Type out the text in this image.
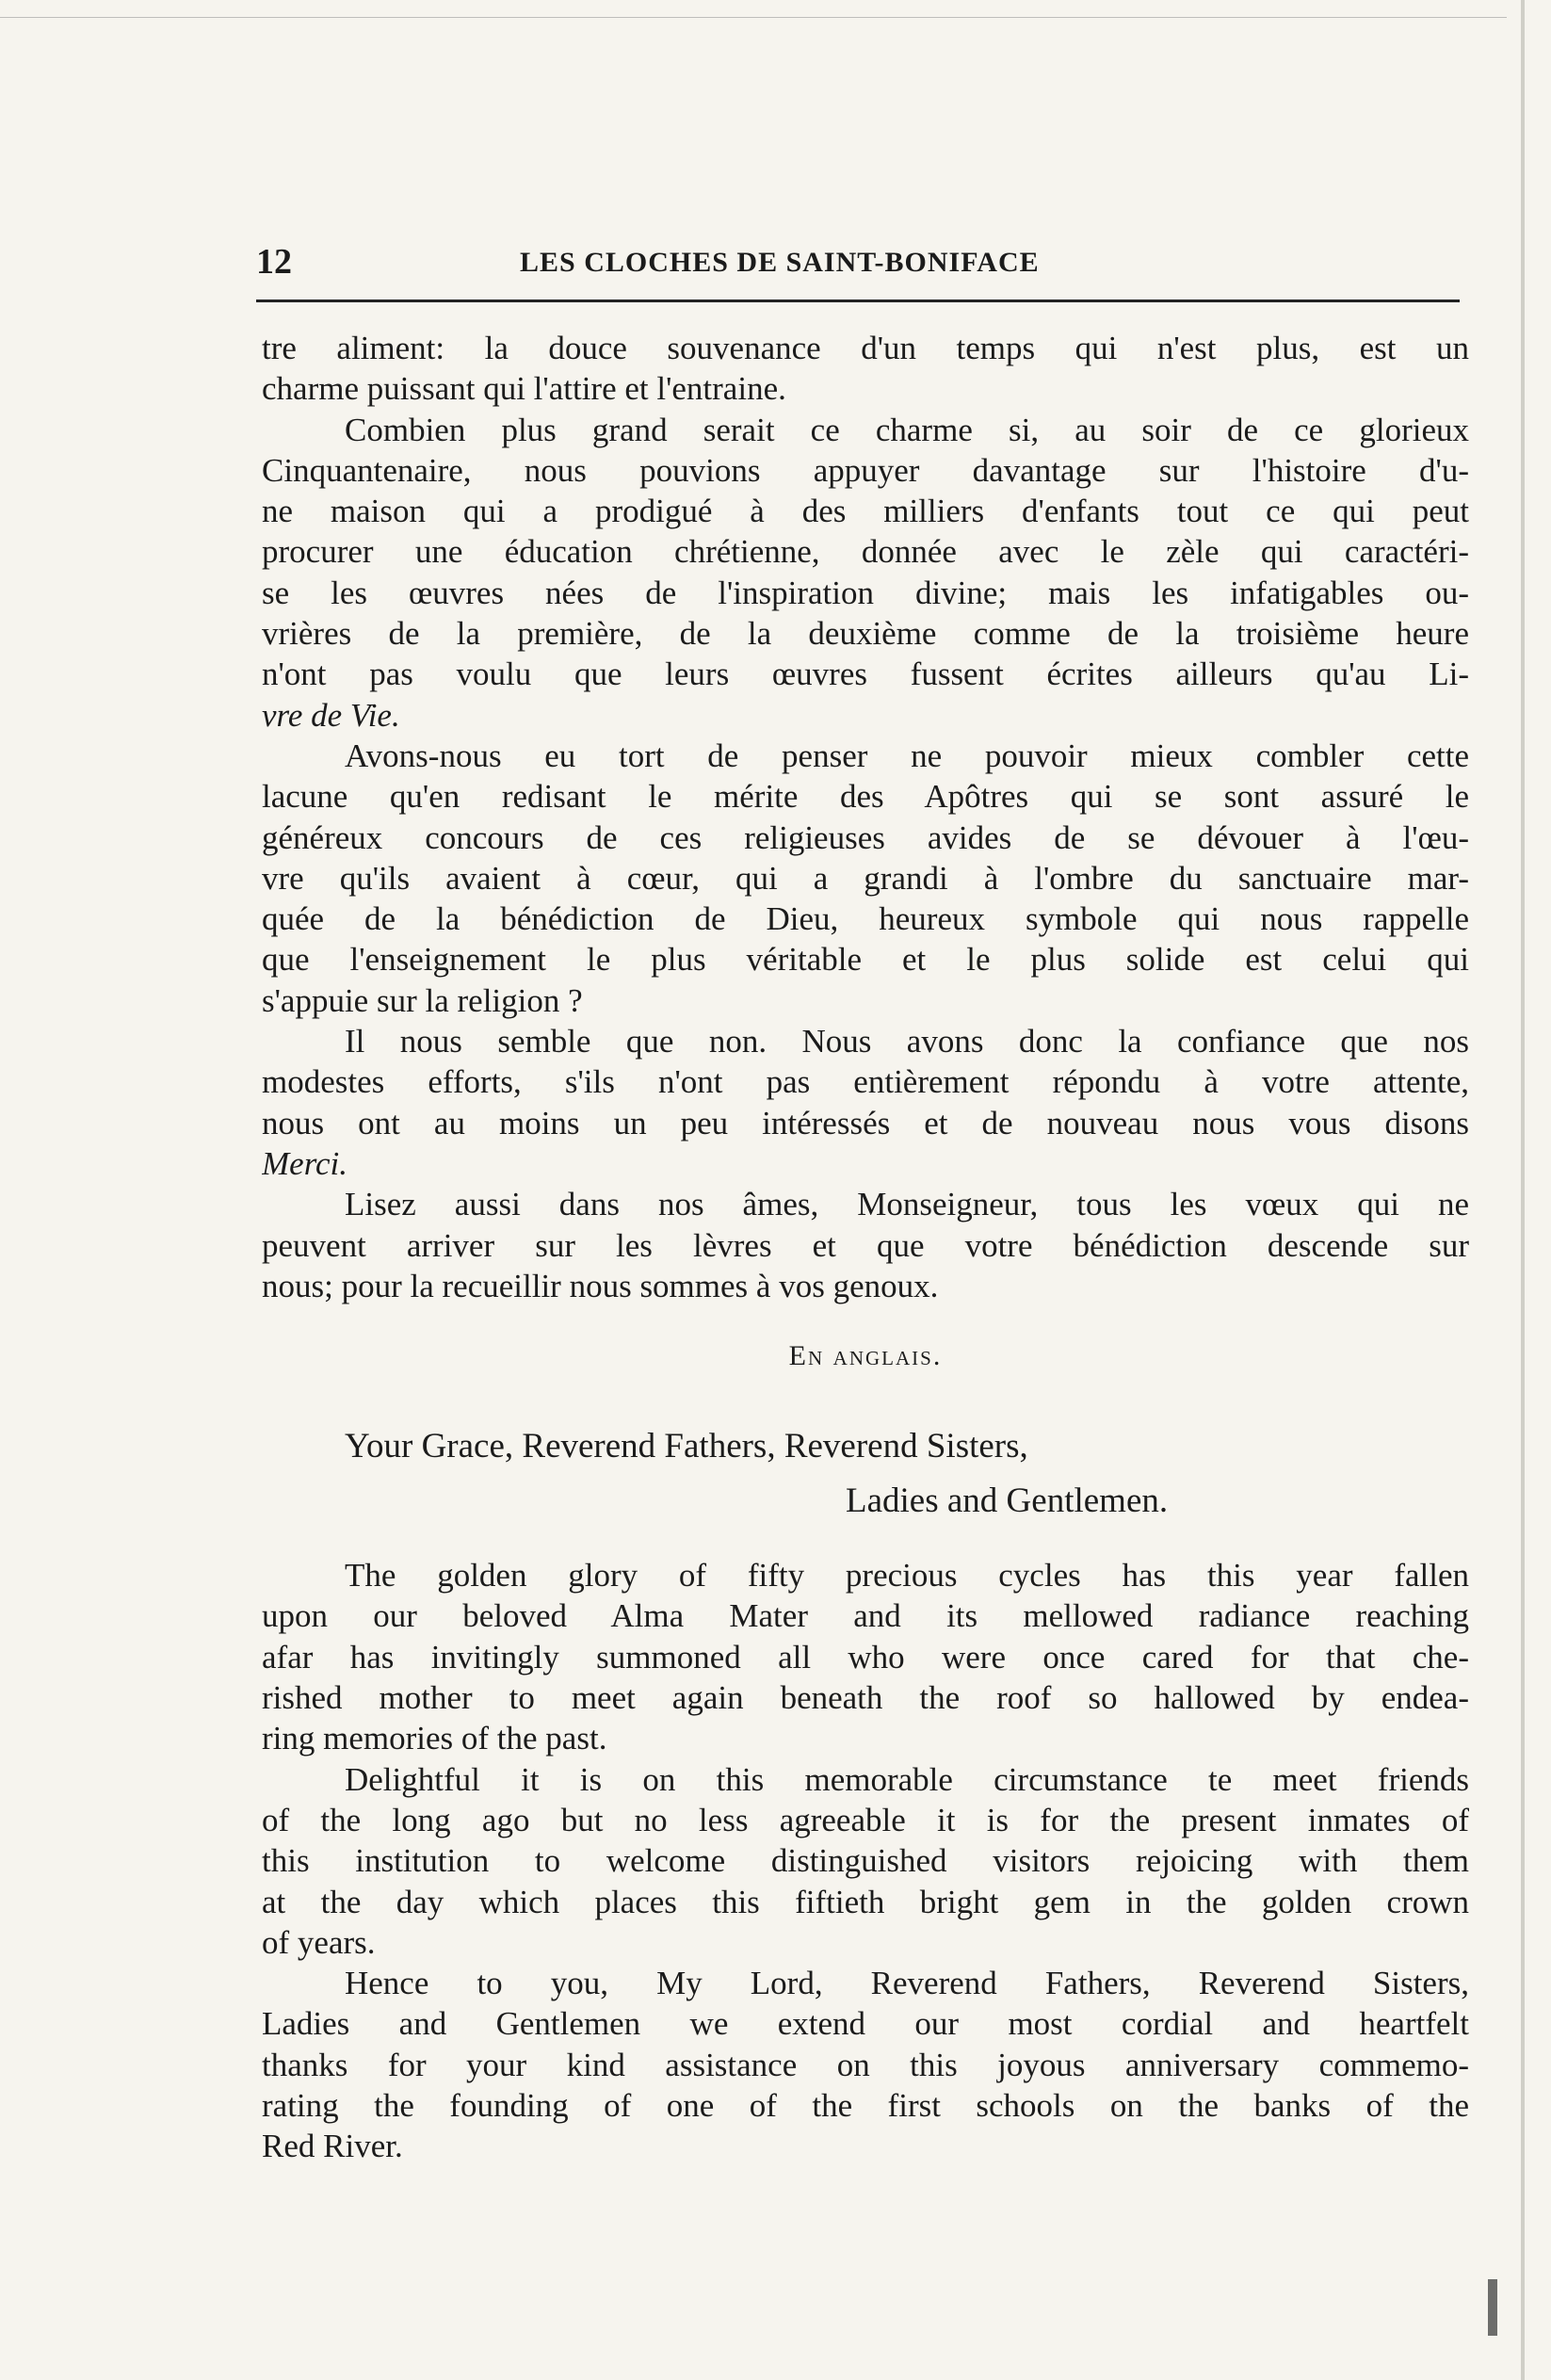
12	LES CLOCHES DE SAINT-BONIFACE
tre aliment: la douce souvenance d'un temps qui n'est plus, est un
charme puissant qui l'attire et l'entraine.
Combien plus grand serait ce charme si, au soir de ce glorieux
Cinquantenaire, nous pouvions appuyer davantage sur l'histoire d'u-
ne maison qui a prodigué à des milliers d'enfants tout ce qui peut
procurer une éducation chrétienne, donnée avec le zèle qui caractéri-
se les œuvres nées de l'inspiration divine; mais les infatigables ou-
vrières de la première, de la deuxième comme de la troisième heure
n'ont pas voulu que leurs œuvres fussent écrites ailleurs qu'au Li-
vre de Vie.
Avons-nous eu tort de penser ne pouvoir mieux combler cette
lacune qu'en redisant le mérite des Apôtres qui se sont assuré le
généreux concours de ces religieuses avides de se dévouer à l'œu-
vre qu'ils avaient à cœur, qui a grandi à l'ombre du sanctuaire mar-
quée de la bénédiction de Dieu, heureux symbole qui nous rappelle
que l'enseignement le plus véritable et le plus solide est celui qui
s'appuie sur la religion ?
Il nous semble que non. Nous avons donc la confiance que nos
modestes efforts, s'ils n'ont pas entièrement répondu à votre attente,
nous ont au moins un peu intéressés et de nouveau nous vous disons
Merci.
Lisez aussi dans nos âmes, Monseigneur, tous les vœux qui ne
peuvent arriver sur les lèvres et que votre bénédiction descende sur
nous; pour la recueillir nous sommes à vos genoux.
En anglais.
Your Grace, Reverend Fathers, Reverend Sisters,
Ladies and Gentlemen.
The golden glory of fifty precious cycles has this year fallen
upon our beloved Alma Mater and its mellowed radiance reaching
afar has invitingly summoned all who were once cared for that che-
rished mother to meet again beneath the roof so hallowed by endea-
ring memories of the past.
Delightful it is on this memorable circumstance te meet friends
of the long ago but no less agreeable it is for the present inmates of
this institution to welcome distinguished visitors rejoicing with them
at the day which places this fiftieth bright gem in the golden crown
of years.
Hence to you, My Lord, Reverend Fathers, Reverend Sisters,
Ladies and Gentlemen we extend our most cordial and heartfelt
thanks for your kind assistance on this joyous anniversary commemo-
rating the founding of one of the first schools on the banks of the
Red River.
